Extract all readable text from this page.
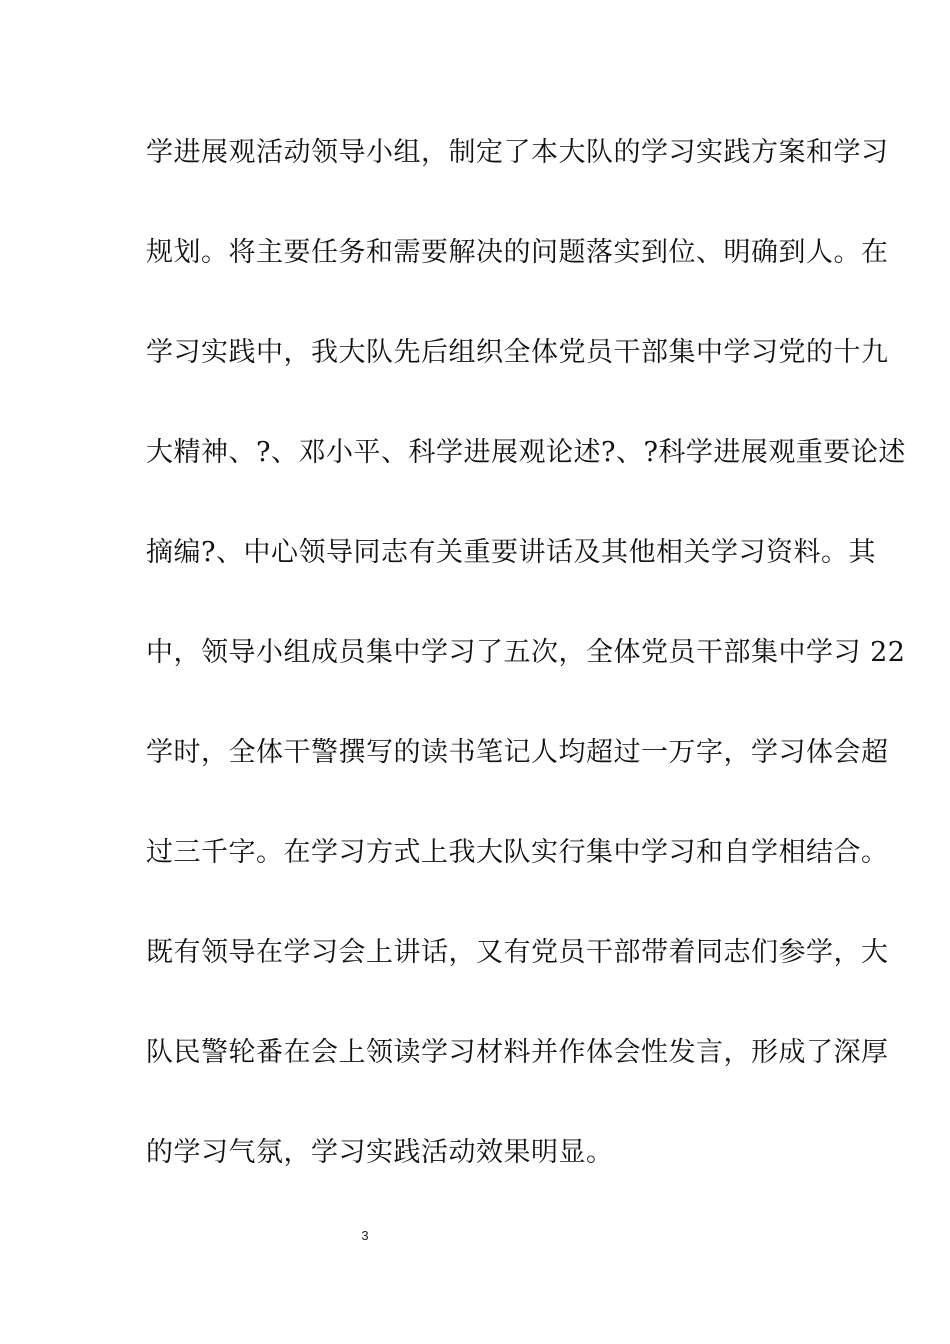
学进展观活动领导小组，制定了本大队的学习实践方案和学习
规划。将主要任务和需要解决的问题落实到位、明确到人。在
学习实践中，我大队先后组织全体党员干部集中学习党的十九
大精神、?、邓小平、科学进展观论述?、?科学进展观重要论述
摘编?、中心领导同志有关重要讲话及其他相关学习资料。其
中，领导小组成员集中学习了五次，全体党员干部集中学习 22
学时，全体干警撰写的读书笔记人均超过一万字，学习体会超
过三千字。在学习方式上我大队实行集中学习和自学相结合。
既有领导在学习会上讲话，又有党员干部带着同志们参学，大
队民警轮番在会上领读学习材料并作体会性发言，形成了深厚
的学习气氛，学习实践活动效果明显。
3
